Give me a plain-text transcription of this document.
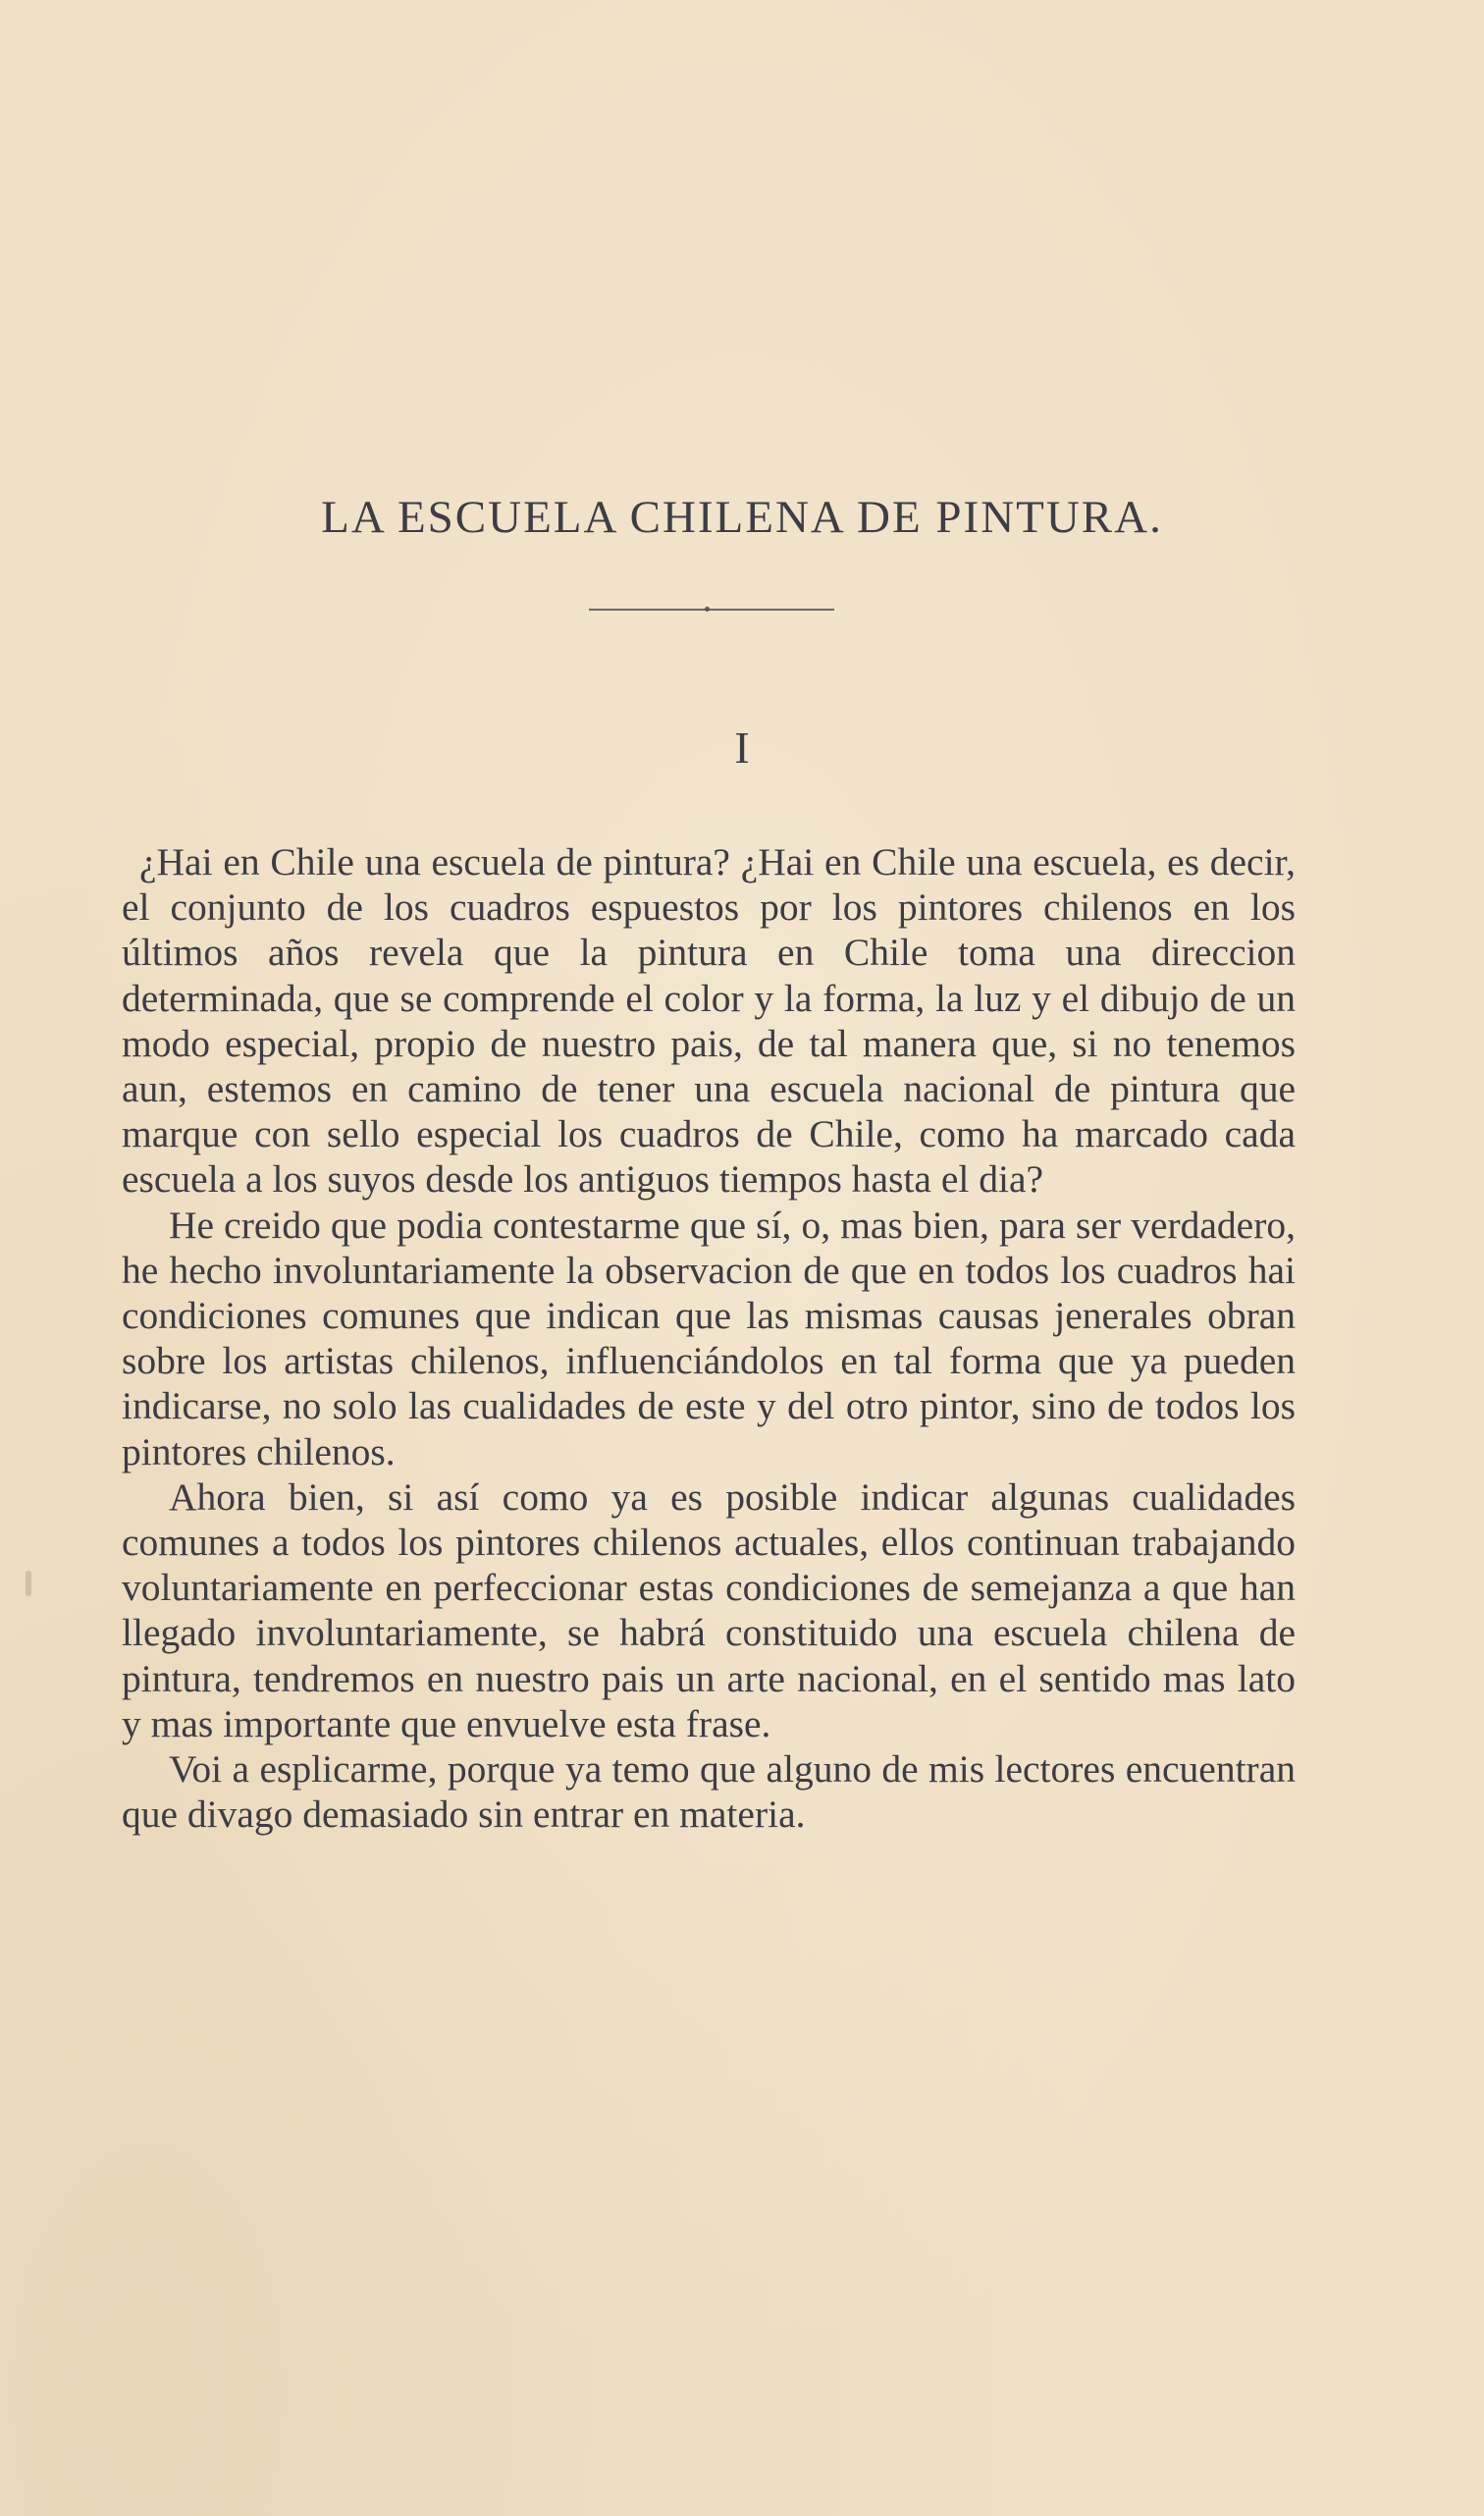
LA ESCUELA CHILENA DE PINTURA.
I

¿Hai en Chile una escuela de pintura? ¿Hai en Chile una escuela, es decir, el conjunto de los cuadros espuestos por los pintores chilenos en los últimos años revela que la pintura en Chile toma una direccion determinada, que se comprende el color y la forma, la luz y el dibujo de un modo especial, propio de nuestro pais, de tal manera que, si no tenemos aun, estemos en camino de tener una escuela nacional de pintura que marque con sello especial los cuadros de Chile, como ha marcado cada escuela a los suyos desde los antiguos tiempos hasta el dia?

He creido que podia contestarme que sí, o, mas bien, para ser verdadero, he hecho involuntariamente la observacion de que en todos los cuadros hai condiciones comunes que indican que las mismas causas jenerales obran sobre los artistas chilenos, influenciándolos en tal forma que ya pueden indicarse, no solo las cualidades de este y del otro pintor, sino de todos los pintores chilenos.

Ahora bien, si así como ya es posible indicar algunas cualidades comunes a todos los pintores chilenos actuales, ellos continuan trabajando voluntariamente en perfeccionar estas condiciones de semejanza a que han llegado involuntariamente, se habrá constituido una escuela chilena de pintura, tendremos en nuestro pais un arte nacional, en el sentido mas lato y mas importante que envuelve esta frase.

Voi a esplicarme, porque ya temo que alguno de mis lectores encuentran que divago demasiado sin entrar en materia.
